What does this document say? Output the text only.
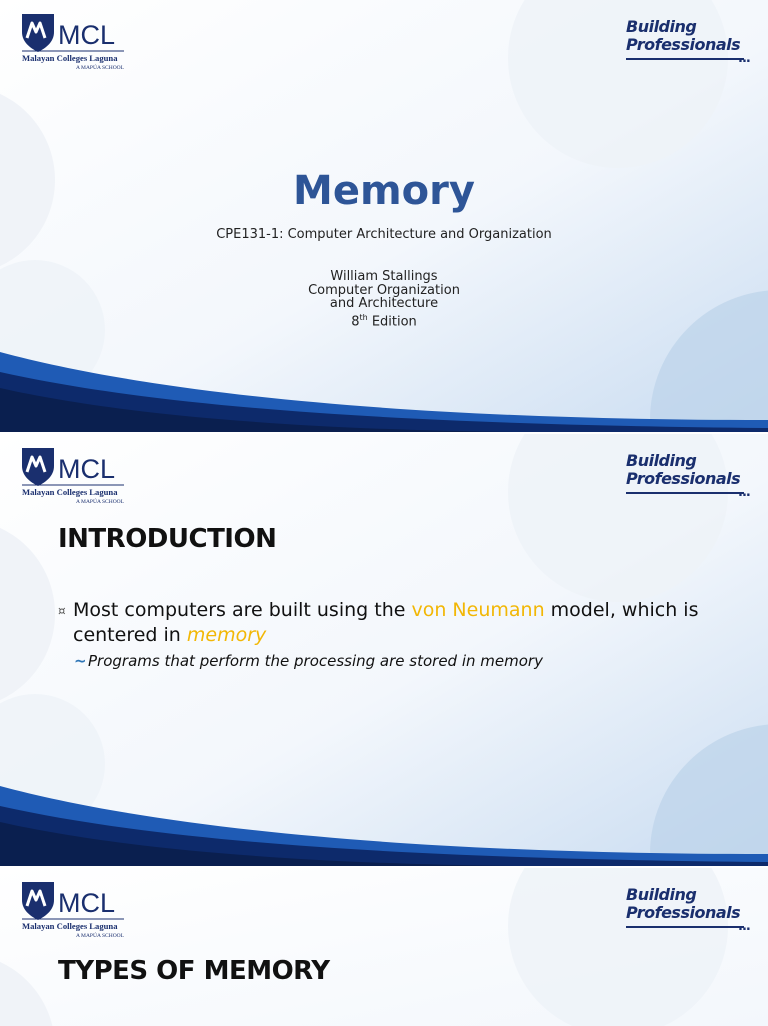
MCL
Malayan Colleges Laguna
A MAPÚA SCHOOL
Building
Professionals
...
Memory
CPE131-1: Computer Architecture and Organization
William Stallings
Computer Organization
and Architecture
8th Edition
MCL
Malayan Colleges Laguna
A MAPÚA SCHOOL
Building
Professionals
...
INTRODUCTION
¤ Most computers are built using the von Neumann model, which is centered in memory
~ Programs that perform the processing are stored in memory
MCL
Malayan Colleges Laguna
A MAPÚA SCHOOL
Building
Professionals
...
TYPES OF MEMORY
